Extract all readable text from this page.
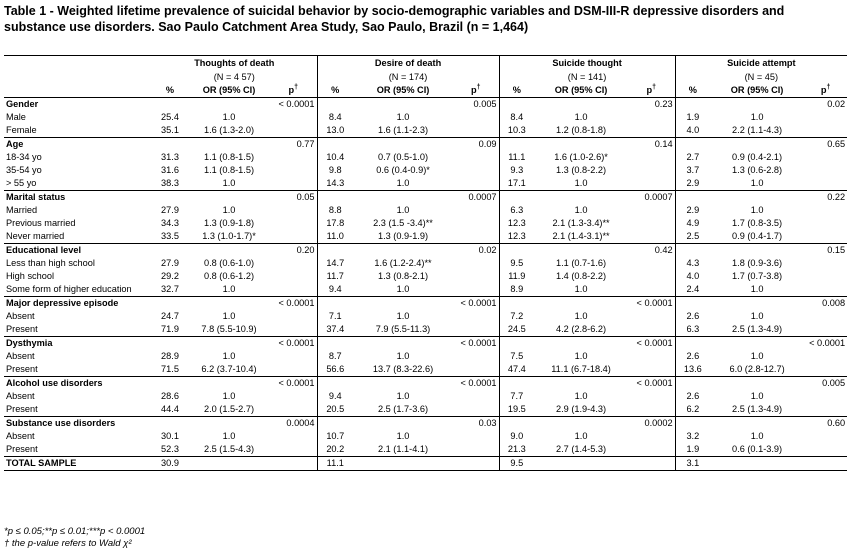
Table 1 - Weighted lifetime prevalence of suicidal behavior by socio-demographic variables and DSM-III-R depressive disorders and substance use disorders. Sao Paulo Catchment Area Study, Sao Paulo, Brazil (n = 1,464)
	Thoughts of death			Desire of death			Suicide thought			Suicide attempt		
	(N = 4 57)			(N = 174)			(N = 141)			(N = 45)		
	%	OR (95% CI)	p†	%	OR (95% CI)	p†	%	OR (95% CI)	p†	%	OR (95% CI)	p†
Gender			< 0.0001			0.005			0.23			0.02
Male	25.4	1.0		8.4	1.0		8.4	1.0		1.9	1.0	
Female	35.1	1.6 (1.3-2.0)		13.0	1.6 (1.1-2.3)		10.3	1.2 (0.8-1.8)		4.0	2.2 (1.1-4.3)	
Age			0.77			0.09			0.14			0.65
18-34 yo	31.3	1.1 (0.8-1.5)		10.4	0.7 (0.5-1.0)		11.1	1.6 (1.0-2.6)*		2.7	0.9 (0.4-2.1)	
35-54 yo	31.6	1.1 (0.8-1.5)		9.8	0.6 (0.4-0.9)*		9.3	1.3 (0.8-2.2)		3.7	1.3 (0.6-2.8)	
> 55 yo	38.3	1.0		14.3	1.0		17.1	1.0		2.9	1.0	
Marital status			0.05			0.0007			0.0007			0.22
Married	27.9	1.0		8.8	1.0		6.3	1.0		2.9	1.0	
Previous married	34.3	1.3 (0.9-1.8)		17.8	2.3 (1.5 -3.4)**		12.3	2.1 (1.3-3.4)**		4.9	1.7 (0.8-3.5)	
Never married	33.5	1.3 (1.0-1.7)*		11.0	1.3 (0.9-1.9)		12.3	2.1 (1.4-3.1)**		2.5	0.9 (0.4-1.7)	
Educational level			0.20			0.02			0.42			0.15
Less than high school	27.9	0.8 (0.6-1.0)		14.7	1.6 (1.2-2.4)**		9.5	1.1 (0.7-1.6)		4.3	1.8 (0.9-3.6)	
High school	29.2	0.8 (0.6-1.2)		11.7	1.3 (0.8-2.1)		11.9	1.4 (0.8-2.2)		4.0	1.7 (0.7-3.8)	
Some form of higher education	32.7	1.0		9.4	1.0		8.9	1.0		2.4	1.0	
Major depressive episode			< 0.0001			< 0.0001			< 0.0001			0.008
Absent	24.7	1.0		7.1	1.0		7.2	1.0		2.6	1.0	
Present	71.9	7.8 (5.5-10.9)		37.4	7.9 (5.5-11.3)		24.5	4.2 (2.8-6.2)		6.3	2.5 (1.3-4.9)	
Dysthymia			< 0.0001			< 0.0001			< 0.0001			< 0.0001
Absent	28.9	1.0		8.7	1.0		7.5	1.0		2.6	1.0	
Present	71.5	6.2 (3.7-10.4)		56.6	13.7 (8.3-22.6)		47.4	11.1 (6.7-18.4)		13.6	6.0 (2.8-12.7)	
Alcohol use disorders			< 0.0001			< 0.0001			< 0.0001			0.005
Absent	28.6	1.0		9.4	1.0		7.7	1.0		2.6	1.0	
Present	44.4	2.0 (1.5-2.7)		20.5	2.5 (1.7-3.6)		19.5	2.9 (1.9-4.3)		6.2	2.5 (1.3-4.9)	
Substance use disorders			0.0004			0.03			0.0002			0.60
Absent	30.1	1.0		10.7	1.0		9.0	1.0		3.2	1.0	
Present	52.3	2.5 (1.5-4.3)		20.2	2.1 (1.1-4.1)		21.3	2.7 (1.4-5.3)		1.9	0.6 (0.1-3.9)	
TOTAL SAMPLE	30.9			11.1			9.5			3.1		
*p ≤ 0.05;**p ≤ 0.01;***p < 0.0001
† the p-value refers to Wald χ²
